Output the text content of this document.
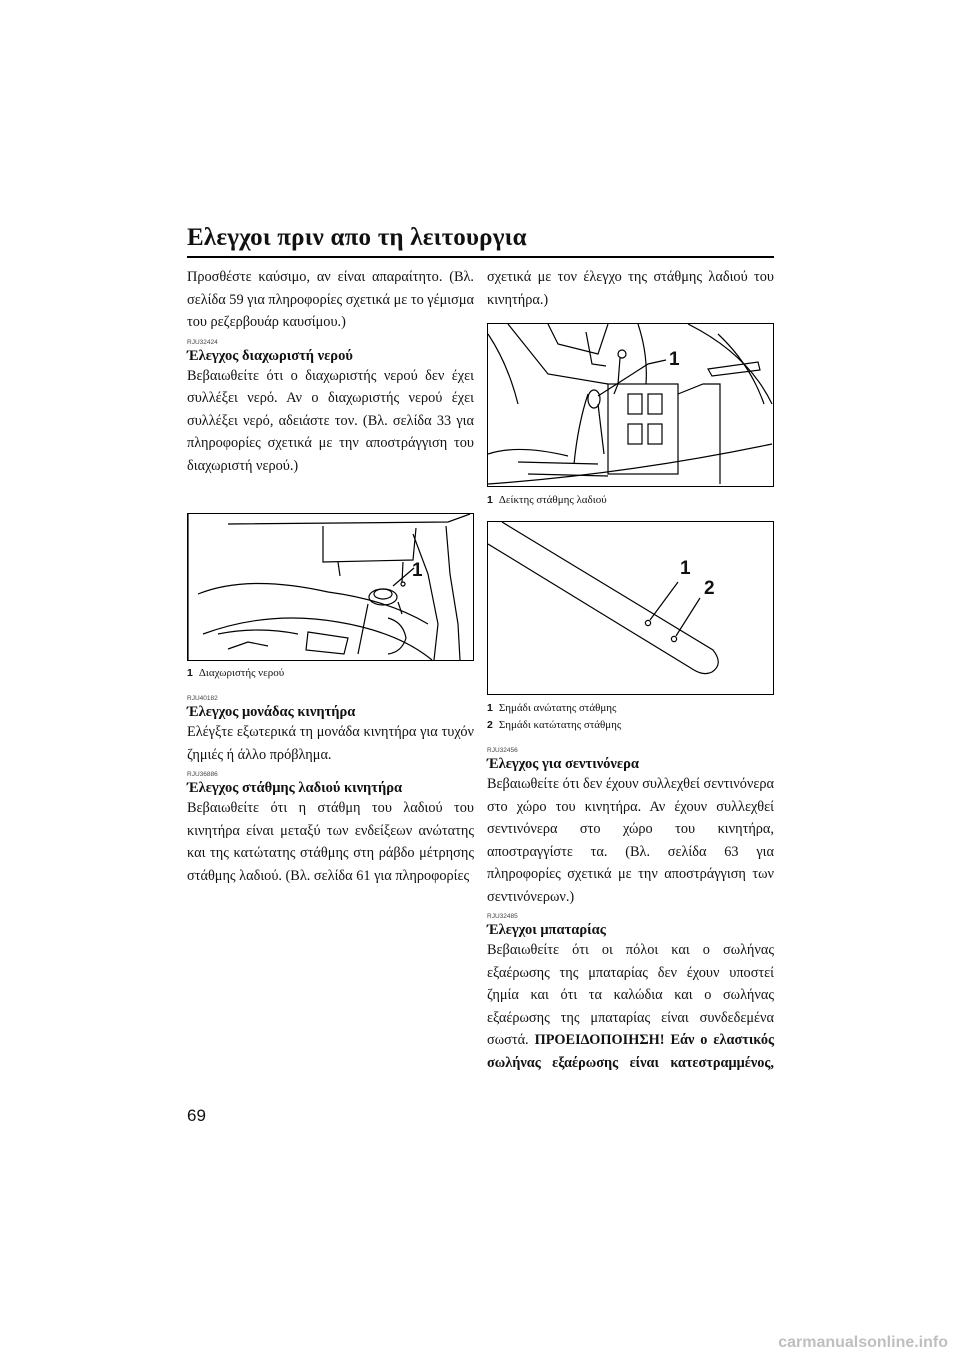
Ελεγχοι πριν απο τη λειτουργια

Προσθέστε καύσιμο, αν είναι απαραίτητο. (Βλ. σελίδα 59 για πληροφορίες σχετικά με το γέμισμα του ρεζερβουάρ καυσίμου.)

RJU32424
Έλεγχος διαχωριστή νερού

Βεβαιωθείτε ότι ο διαχωριστής νερού δεν έχει συλλέξει νερό. Αν ο διαχωριστής νερού έχει συλλέξει νερό, αδειάστε τον. (Βλ. σελίδα 33 για πληροφορίες σχετικά με την αποστράγγιση του διαχωριστή νερού.)

1
1 Διαχωριστής νερού
RJU40182
Έλεγχος μονάδας κινητήρα

Ελέγξτε εξωτερικά τη μονάδα κινητήρα για τυχόν ζημιές ή άλλο πρόβλημα.

RJU36886
Έλεγχος στάθμης λαδιού κινητήρα

Βεβαιωθείτε ότι η στάθμη του λαδιού του κινητήρα είναι μεταξύ των ενδείξεων ανώτατης και της κατώτατης στάθμης στη ράβδο μέτρησης στάθμης λαδιού. (Βλ. σελίδα 61 για πληροφορίες

σχετικά με τον έλεγχο της στάθμης λαδιού του κινητήρα.)

1
1 Δείκτης στάθμης λαδιού
1
2
1 Σημάδι ανώτατης στάθμης
2 Σημάδι κατώτατης στάθμης
RJU32456
Έλεγχος για σεντινόνερα

Βεβαιωθείτε ότι δεν έχουν συλλεχθεί σεντινόνερα στο χώρο του κινητήρα. Αν έχουν συλλεχθεί σεντινόνερα στο χώρο του κινητήρα, αποστραγγίστε τα. (Βλ. σελίδα 63 για πληροφορίες σχετικά με την αποστράγγιση των σεντινόνερων.)

RJU32485
Έλεγχοι μπαταρίας

Βεβαιωθείτε ότι οι πόλοι και ο σωλήνας εξαέρωσης της μπαταρίας δεν έχουν υποστεί ζημία και ότι τα καλώδια και ο σωλήνας εξαέρωσης της μπαταρίας είναι συνδεδεμένα σωστά. ΠΡΟΕΙΔΟΠΟΙΗΣΗ! Εάν ο ελαστικός σωλήνας εξαέρωσης είναι κατεστραμμένος,

69
carmanualsonline.info
